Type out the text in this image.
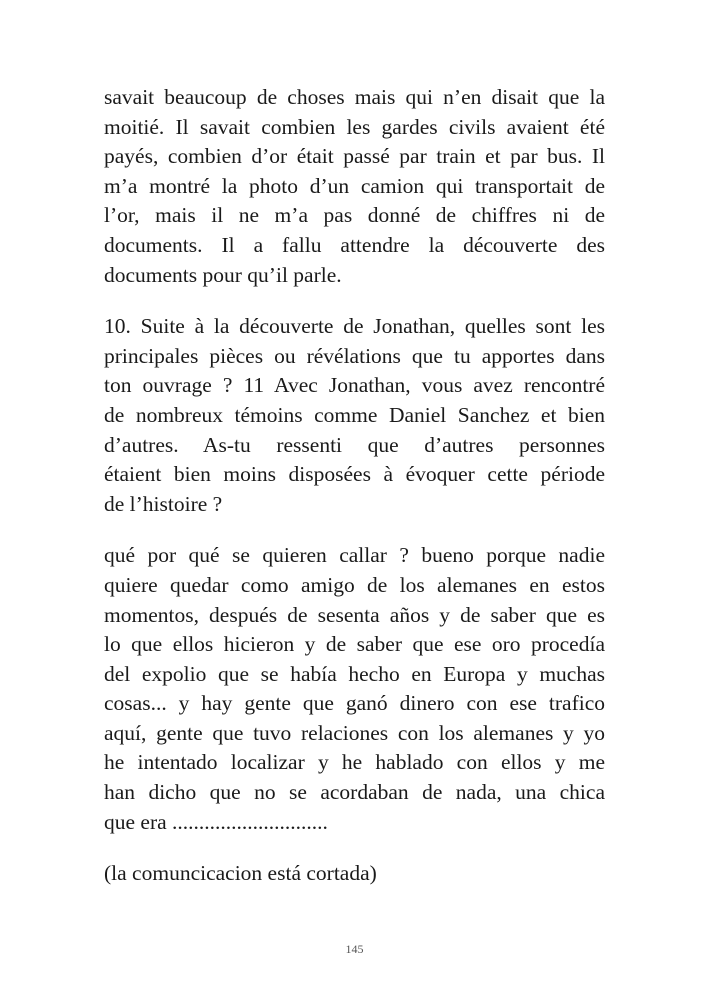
savait beaucoup de choses mais qui n’en disait que la
moitié. Il savait combien les gardes civils avaient été
payés, combien d’or était passé par train et par bus. Il
m’a montré la photo d’un camion qui transportait de
l’or, mais il ne m’a pas donné de chiffres ni de
documents. Il a fallu attendre la découverte des
documents pour qu’il parle.

10. Suite à la découverte de Jonathan, quelles sont les
principales pièces ou révélations que tu apportes dans
ton ouvrage ? 11 Avec Jonathan, vous avez rencontré
de nombreux témoins comme Daniel Sanchez et bien
d’autres. As-tu ressenti que d’autres personnes
étaient bien moins disposées à évoquer cette période
de l’histoire ?

qué por qué se quieren callar ? bueno porque nadie
quiere quedar como amigo de los alemanes en estos
momentos, después de sesenta años y de saber que es
lo que ellos hicieron y de saber que ese oro procedía
del expolio que se había hecho en Europa y muchas
cosas... y hay gente que ganó dinero con ese trafico
aquí, gente que tuvo relaciones con los alemanes y yo
he intentado localizar y he hablado con ellos y me
han dicho que no se acordaban de nada, una chica
que era .............................

(la comuncicacion está cortada)

145
